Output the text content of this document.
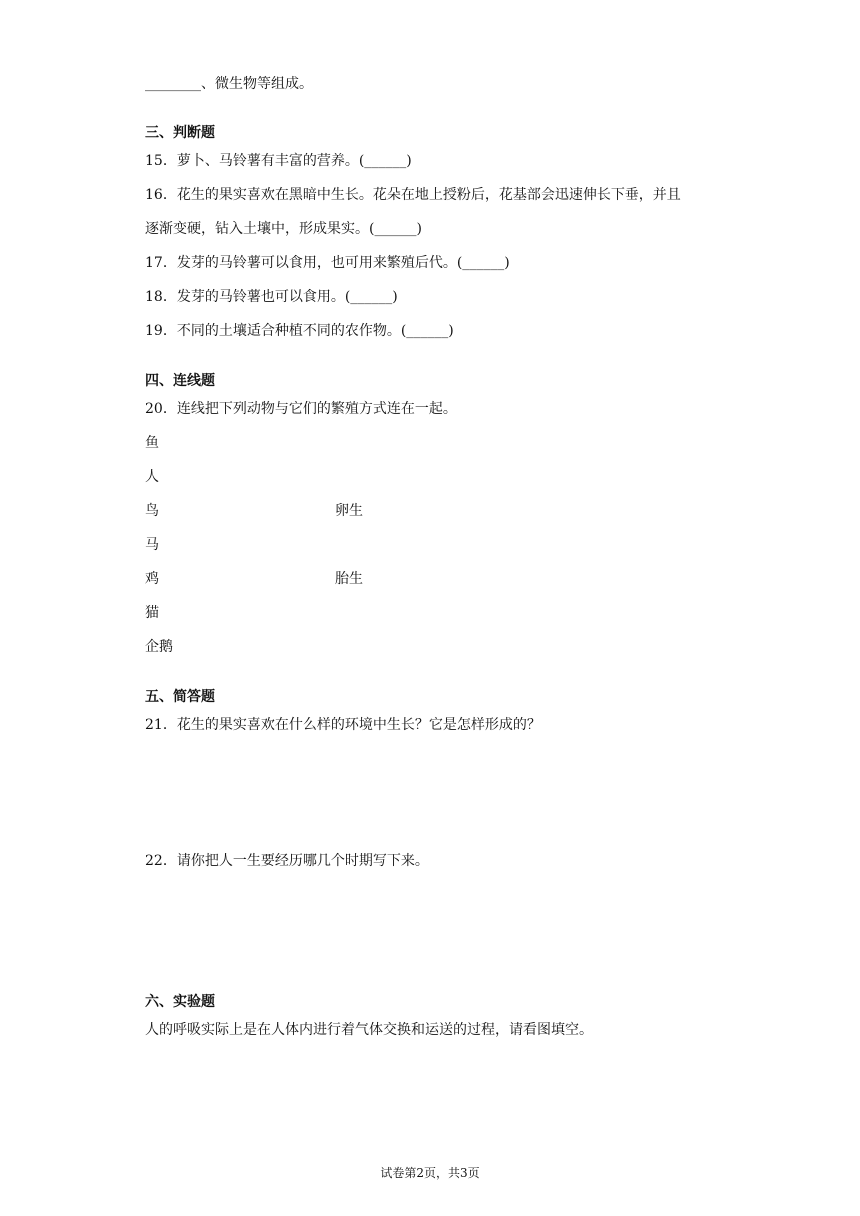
________、微生物等组成。
三、判断题
15．萝卜、马铃薯有丰富的营养。(______)
16．花生的果实喜欢在黑暗中生长。花朵在地上授粉后，花基部会迅速伸长下垂，并且
逐渐变硬，钻入土壤中，形成果实。(______)
17．发芽的马铃薯可以食用，也可用来繁殖后代。(______)
18．发芽的马铃薯也可以食用。(______)
19．不同的土壤适合种植不同的农作物。(______)
四、连线题
20．连线把下列动物与它们的繁殖方式连在一起。
鱼
人
鸟	卵生
马
鸡	胎生
猫
企鹅
五、简答题
21．花生的果实喜欢在什么样的环境中生长？它是怎样形成的？
22．请你把人一生要经历哪几个时期写下来。
六、实验题
人的呼吸实际上是在人体内进行着气体交换和运送的过程，请看图填空。
试卷第2页，共3页
